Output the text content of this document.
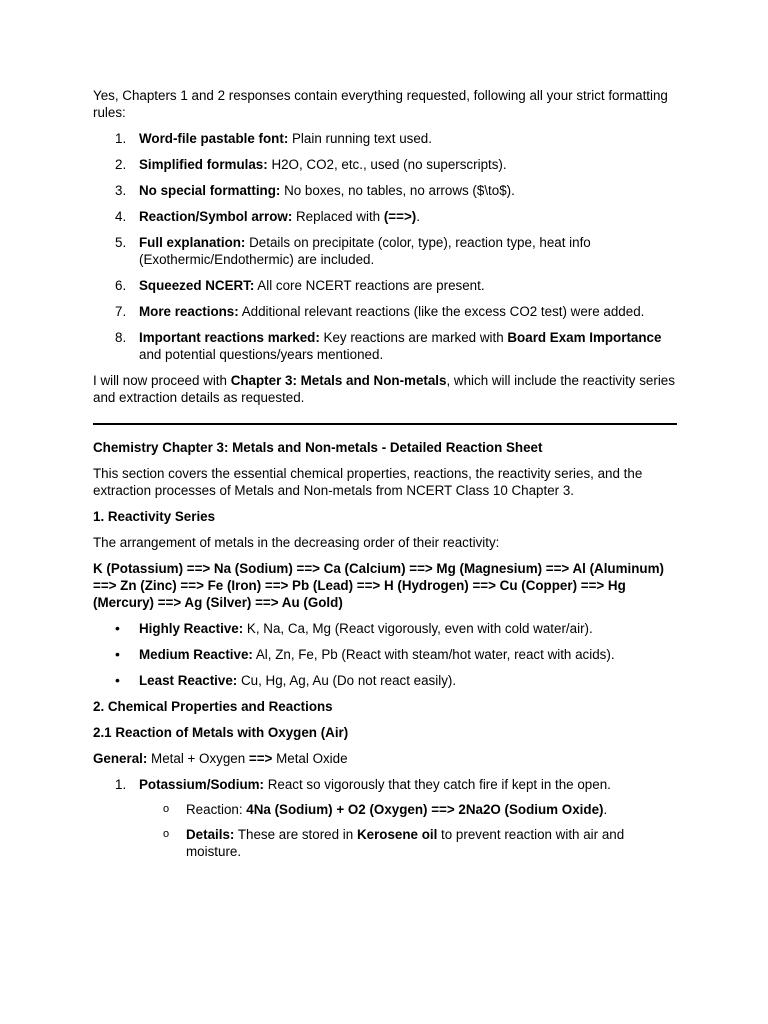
Yes, Chapters 1 and 2 responses contain everything requested, following all your strict formatting rules:

1. Word-file pastable font: Plain running text used.
2. Simplified formulas: H2O, CO2, etc., used (no superscripts).
3. No special formatting: No boxes, no tables, no arrows ($\to$).
4. Reaction/Symbol arrow: Replaced with (==>).
5. Full explanation: Details on precipitate (color, type), reaction type, heat info (Exothermic/Endothermic) are included.
6. Squeezed NCERT: All core NCERT reactions are present.
7. More reactions: Additional relevant reactions (like the excess CO2 test) were added.
8. Important reactions marked: Key reactions are marked with Board Exam Importance and potential questions/years mentioned.

I will now proceed with Chapter 3: Metals and Non-metals, which will include the reactivity series and extraction details as requested.

Chemistry Chapter 3: Metals and Non-metals - Detailed Reaction Sheet

This section covers the essential chemical properties, reactions, the reactivity series, and the extraction processes of Metals and Non-metals from NCERT Class 10 Chapter 3.

1. Reactivity Series

The arrangement of metals in the decreasing order of their reactivity:

K (Potassium) ==> Na (Sodium) ==> Ca (Calcium) ==> Mg (Magnesium) ==> Al (Aluminum) ==> Zn (Zinc) ==> Fe (Iron) ==> Pb (Lead) ==> H (Hydrogen) ==> Cu (Copper) ==> Hg (Mercury) ==> Ag (Silver) ==> Au (Gold)

• Highly Reactive: K, Na, Ca, Mg (React vigorously, even with cold water/air).
• Medium Reactive: Al, Zn, Fe, Pb (React with steam/hot water, react with acids).
• Least Reactive: Cu, Hg, Ag, Au (Do not react easily).

2. Chemical Properties and Reactions

2.1 Reaction of Metals with Oxygen (Air)

General: Metal + Oxygen ==> Metal Oxide

1. Potassium/Sodium: React so vigorously that they catch fire if kept in the open.
o Reaction: 4Na (Sodium) + O2 (Oxygen) ==> 2Na2O (Sodium Oxide).
o Details: These are stored in Kerosene oil to prevent reaction with air and moisture.
